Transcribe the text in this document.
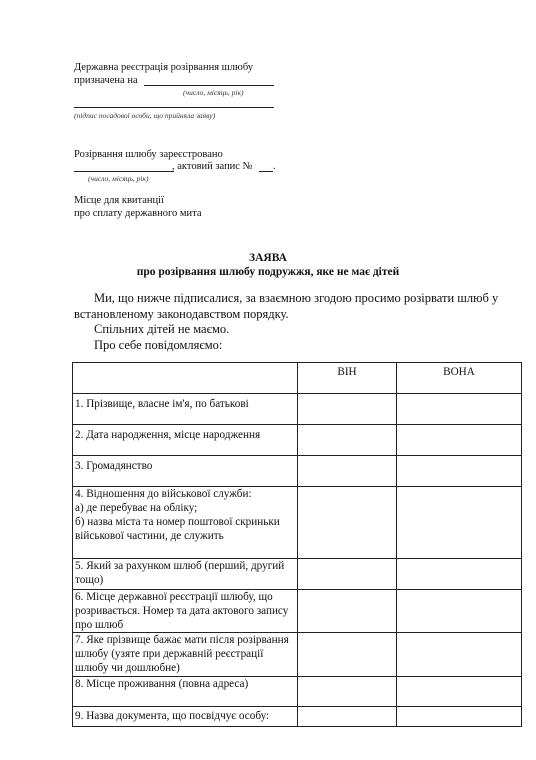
Державна реєстрація розірвання шлюбу
призначена на
(число, місяць, рік)
(підпис посадової особи, що прийняла заяву)
Розірвання шлюбу зареєстровано
, актовий запис № .
(число, місяць, рік)
Місце для квитанції
про сплату державного мита
ЗАЯВА
про розірвання шлюбу подружжя, яке не має дітей
Ми, що нижче підписалися, за взаємною згодою просимо розірвати шлюб у встановленому законодавством порядку.
Спільних дітей не маємо.
Про себе повідомляємо:
	ВІН	ВОНА
1. Прізвище, власне ім'я, по батькові		
2. Дата народження, місце народження		
3. Громадянство		
4. Відношення до військової служби:
а) де перебуває на обліку;
б) назва міста та номер поштової скриньки військової частини, де служить		
5. Який за рахунком шлюб (перший, другий тощо)		
6. Місце державної реєстрації шлюбу, що розривається. Номер та дата актового запису про шлюб		
7. Яке прізвище бажає мати після розірвання шлюбу (узяте при державній реєстрації шлюбу чи дошлюбне)		
8. Місце проживання (повна адреса)		
9. Назва документа, що посвідчує особу:		
